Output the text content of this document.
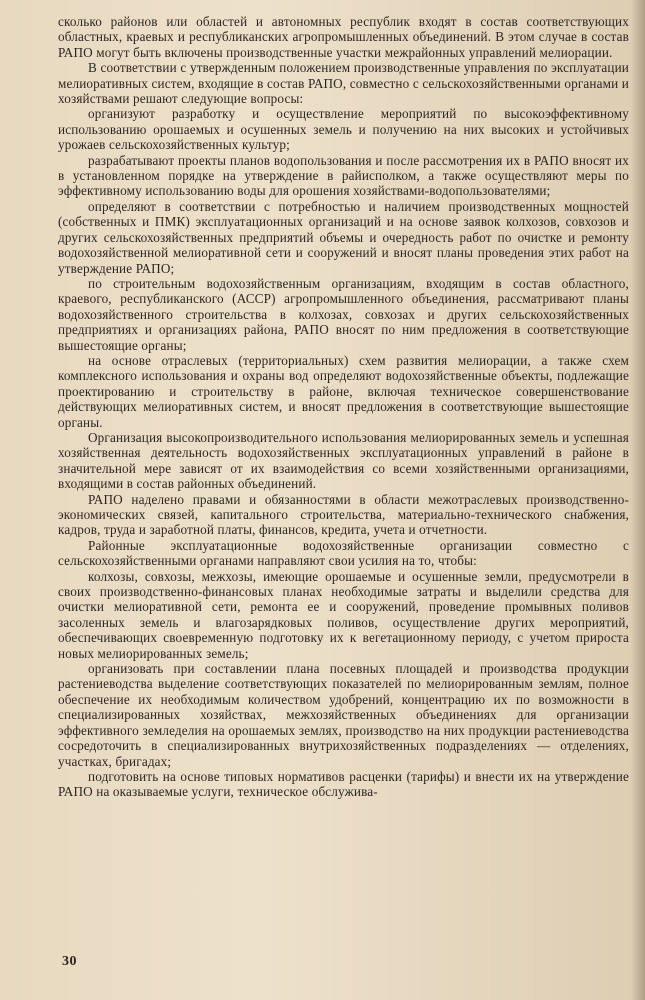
сколько районов или областей и автономных республик входят в состав соответствующих областных, краевых и республиканских агропромышленных объединений. В этом случае в состав РАПО могут быть включены производственные участки межрайонных управлений мелиорации.

В соответствии с утвержденным положением производственные управления по эксплуатации мелиоративных систем, входящие в состав РАПО, совместно с сельскохозяйственными органами и хозяйствами решают следующие вопросы:

организуют разработку и осуществление мероприятий по высокоэффективному использованию орошаемых и осушенных земель и получению на них высоких и устойчивых урожаев сельскохозяйственных культур;

разрабатывают проекты планов водопользования и после рассмотрения их в РАПО вносят их в установленном порядке на утверждение в райисполком, а также осуществляют меры по эффективному использованию воды для орошения хозяйствами-водопользователями;

определяют в соответствии с потребностью и наличием производственных мощностей (собственных и ПМК) эксплуатационных организаций и на основе заявок колхозов, совхозов и других сельскохозяйственных предприятий объемы и очередность работ по очистке и ремонту водохозяйственной мелиоративной сети и сооружений и вносят планы проведения этих работ на утверждение РАПО;

по строительным водохозяйственным организациям, входящим в состав областного, краевого, республиканского (АССР) агропромышленного объединения, рассматривают планы водохозяйственного строительства в колхозах, совхозах и других сельскохозяйственных предприятиях и организациях района, РАПО вносят по ним предложения в соответствующие вышестоящие органы;

на основе отраслевых (территориальных) схем развития мелиорации, а также схем комплексного использования и охраны вод определяют водохозяйственные объекты, подлежащие проектированию и строительству в районе, включая техническое совершенствование действующих мелиоративных систем, и вносят предложения в соответствующие вышестоящие органы.

Организация высокопроизводительного использования мелиорированных земель и успешная хозяйственная деятельность водохозяйственных эксплуатационных управлений в районе в значительной мере зависят от их взаимодействия со всеми хозяйственными организациями, входящими в состав районных объединений.

РАПО наделено правами и обязанностями в области межотраслевых производственно-экономических связей, капитального строительства, материально-технического снабжения, кадров, труда и заработной платы, финансов, кредита, учета и отчетности.

Районные эксплуатационные водохозяйственные организации совместно с сельскохозяйственными органами направляют свои усилия на то, чтобы:

колхозы, совхозы, межхозы, имеющие орошаемые и осушенные земли, предусмотрели в своих производственно-финансовых планах необходимые затраты и выделили средства для очистки мелиоративной сети, ремонта ее и сооружений, проведение промывных поливов засоленных земель и влагозарядковых поливов, осуществление других мероприятий, обеспечивающих своевременную подготовку их к вегетационному периоду, с учетом прироста новых мелиорированных земель;

организовать при составлении плана посевных площадей и производства продукции растениеводства выделение соответствующих показателей по мелиорированным землям, полное обеспечение их необходимым количеством удобрений, концентрацию их по возможности в специализированных хозяйствах, межхозяйственных объединениях для организации эффективного земледелия на орошаемых землях, производство на них продукции растениеводства сосредоточить в специализированных внутрихозяйственных подразделениях — отделениях, участках, бригадах;

подготовить на основе типовых нормативов расценки (тарифы) и внести их на утверждение РАПО на оказываемые услуги, техническое обслужива-

30
